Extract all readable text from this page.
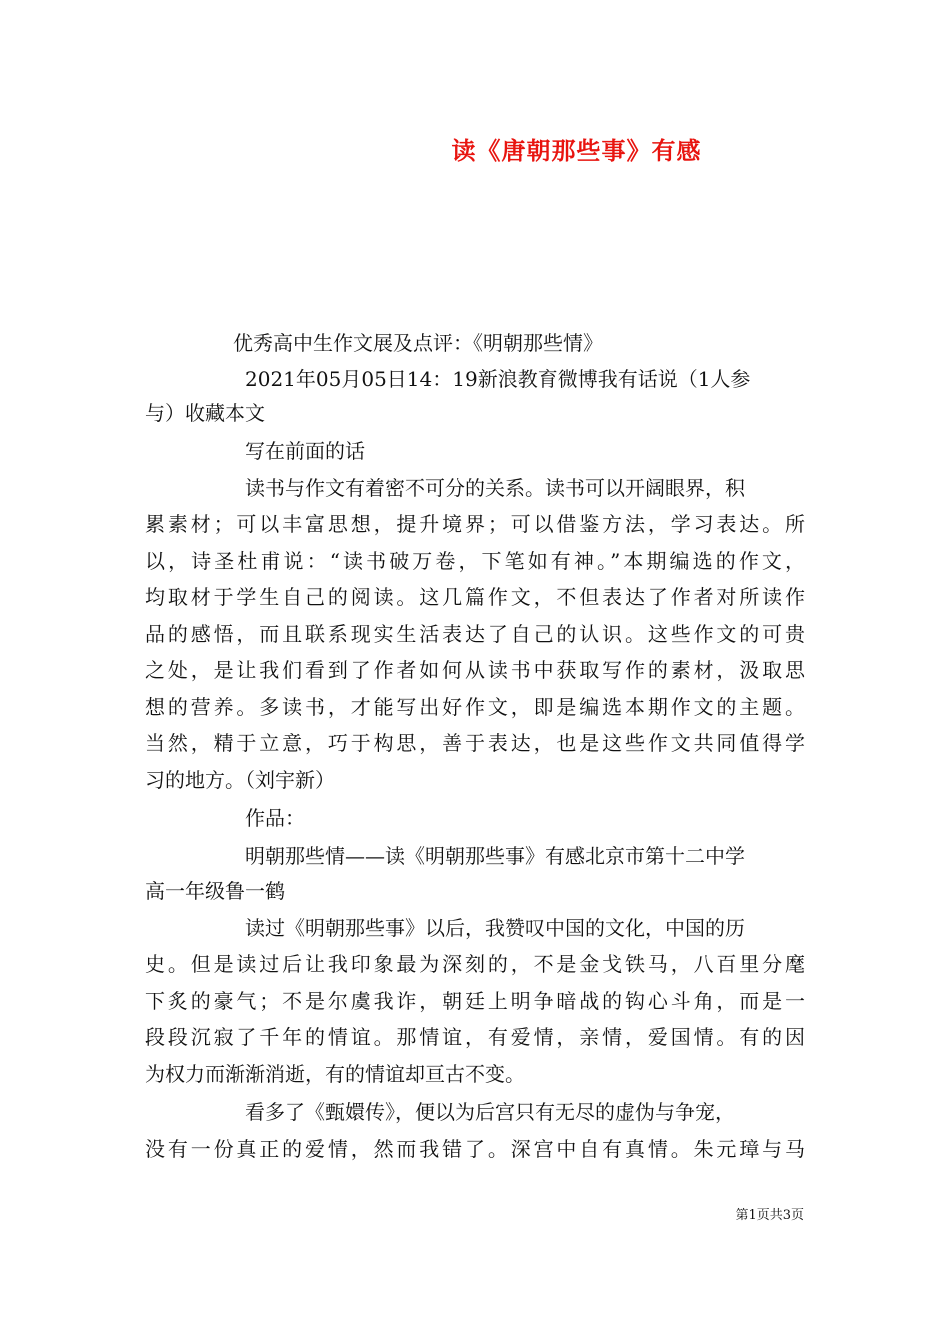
读《唐朝那些事》有感

优秀高中生作文展及点评：《明朝那些情》

2021年05月05日14：19新浪教育微博我有话说（1人参

与）收藏本文

写在前面的话

读书与作文有着密不可分的关系。读书可以开阔眼界，积

累素材；可以丰富思想，提升境界；可以借鉴方法，学习表达。所

以，诗圣杜甫说：“读书破万卷，下笔如有神。”本期编选的作文，

均取材于学生自己的阅读。这几篇作文，不但表达了作者对所读作

品的感悟，而且联系现实生活表达了自己的认识。这些作文的可贵

之处，是让我们看到了作者如何从读书中获取写作的素材，汲取思

想的营养。多读书，才能写出好作文，即是编选本期作文的主题。

当然，精于立意，巧于构思，善于表达，也是这些作文共同值得学

习的地方。（刘宇新）

作品：

明朝那些情——读《明朝那些事》有感北京市第十二中学

高一年级鲁一鹤

读过《明朝那些事》以后，我赞叹中国的文化，中国的历

史。但是读过后让我印象最为深刻的，不是金戈铁马，八百里分麾

下炙的豪气；不是尔虞我诈，朝廷上明争暗战的钩心斗角，而是一

段段沉寂了千年的情谊。那情谊，有爱情，亲情，爱国情。有的因

为权力而渐渐消逝，有的情谊却亘古不变。

看多了《甄嬛传》，便以为后宫只有无尽的虚伪与争宠，

没有一份真正的爱情，然而我错了。深宫中自有真情。朱元璋与马

第1页共3页
